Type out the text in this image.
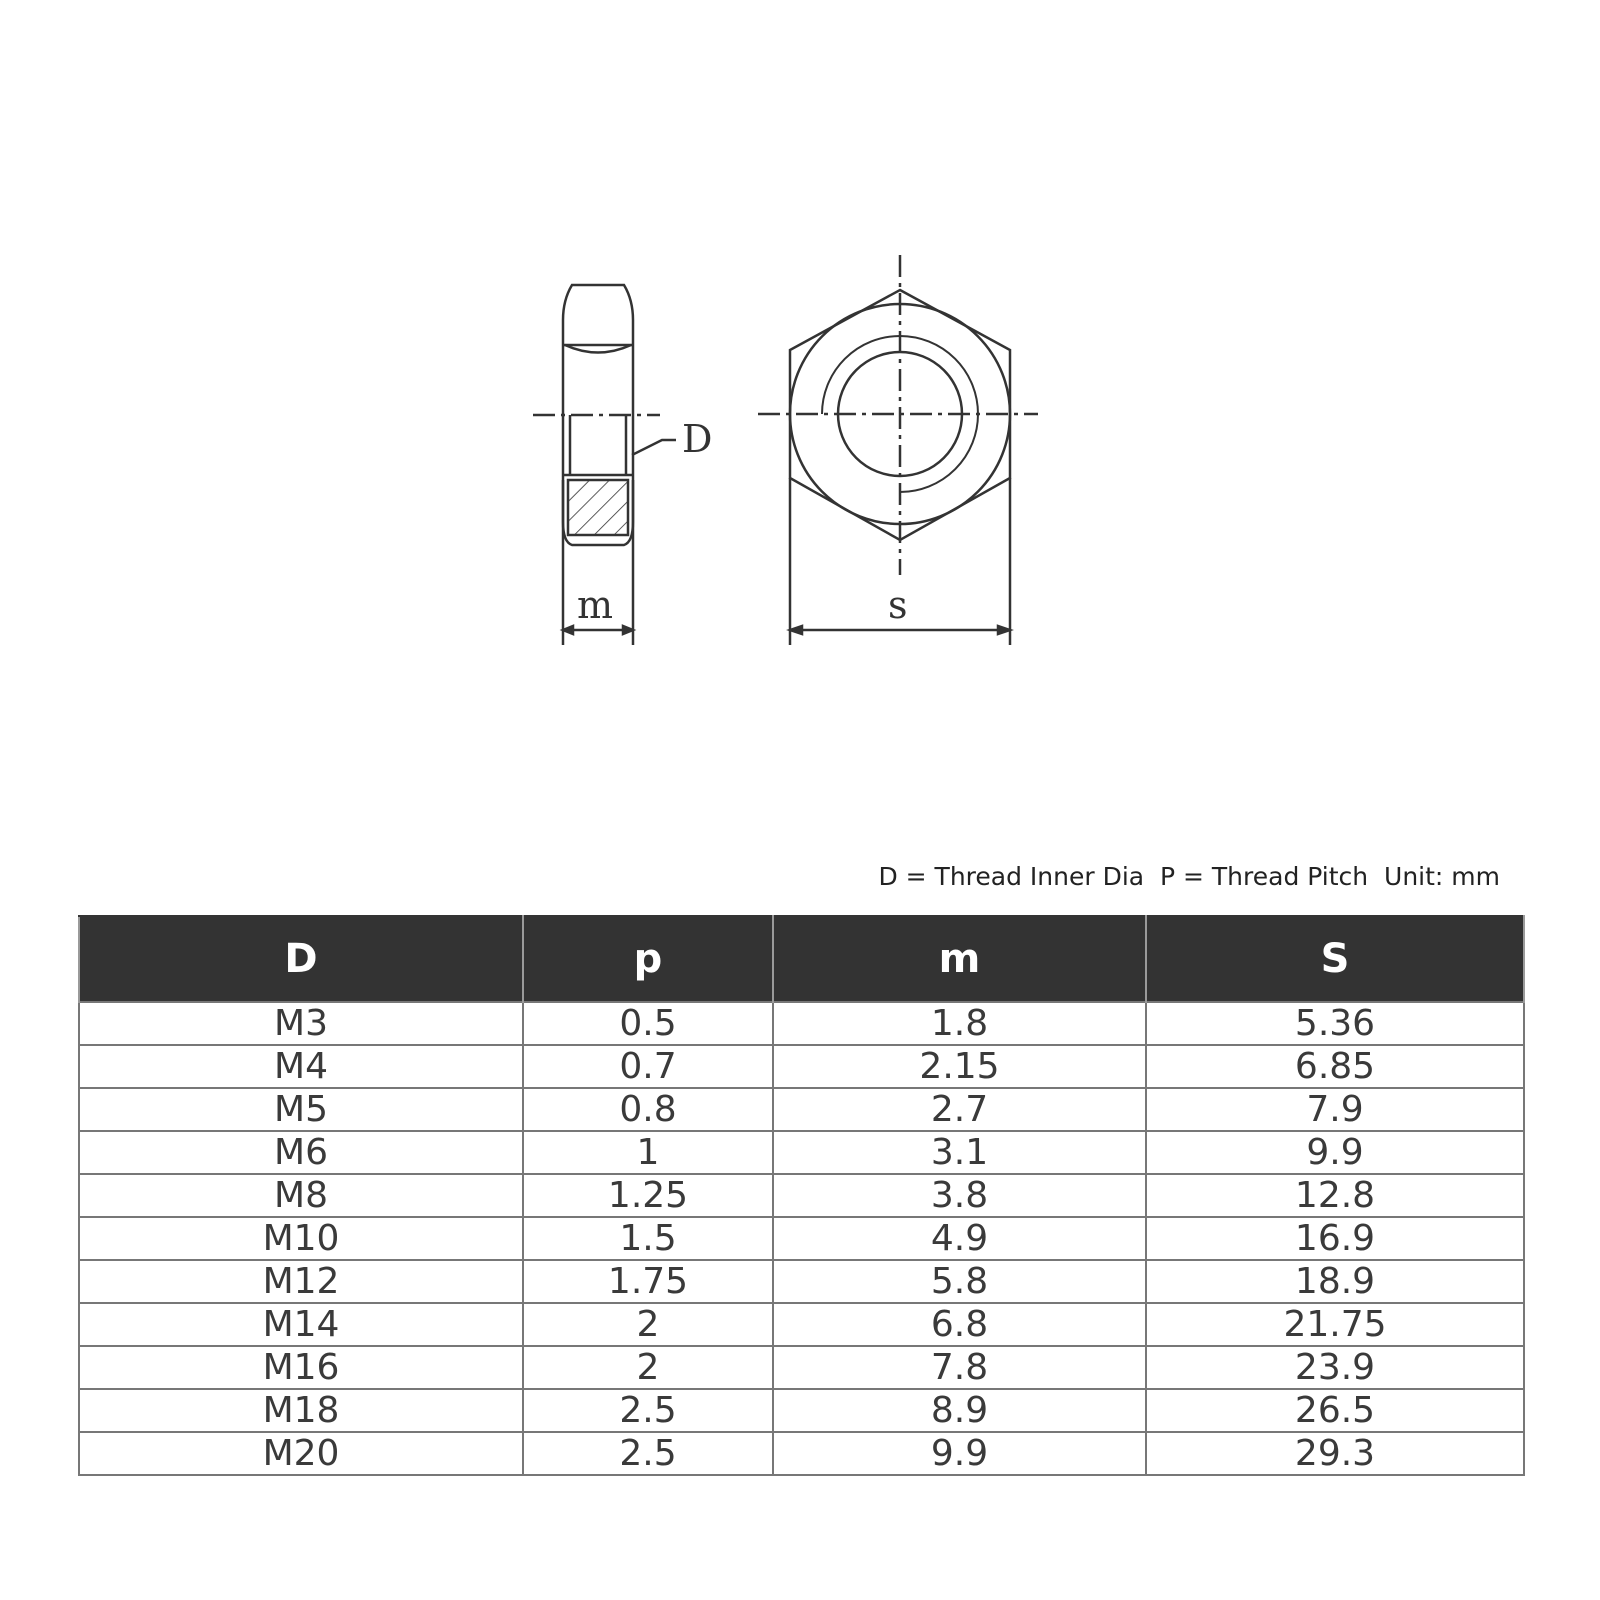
D
m	s
D = Thread Inner Dia  P = Thread Pitch  Unit: mm
D	p	m	S
M3	0.5	1.8	5.36
M4	0.7	2.15	6.85
M5	0.8	2.7	7.9
M6	1	3.1	9.9
M8	1.25	3.8	12.8
M10	1.5	4.9	16.9
M12	1.75	5.8	18.9
M14	2	6.8	21.75
M16	2	7.8	23.9
M18	2.5	8.9	26.5
M20	2.5	9.9	29.3
